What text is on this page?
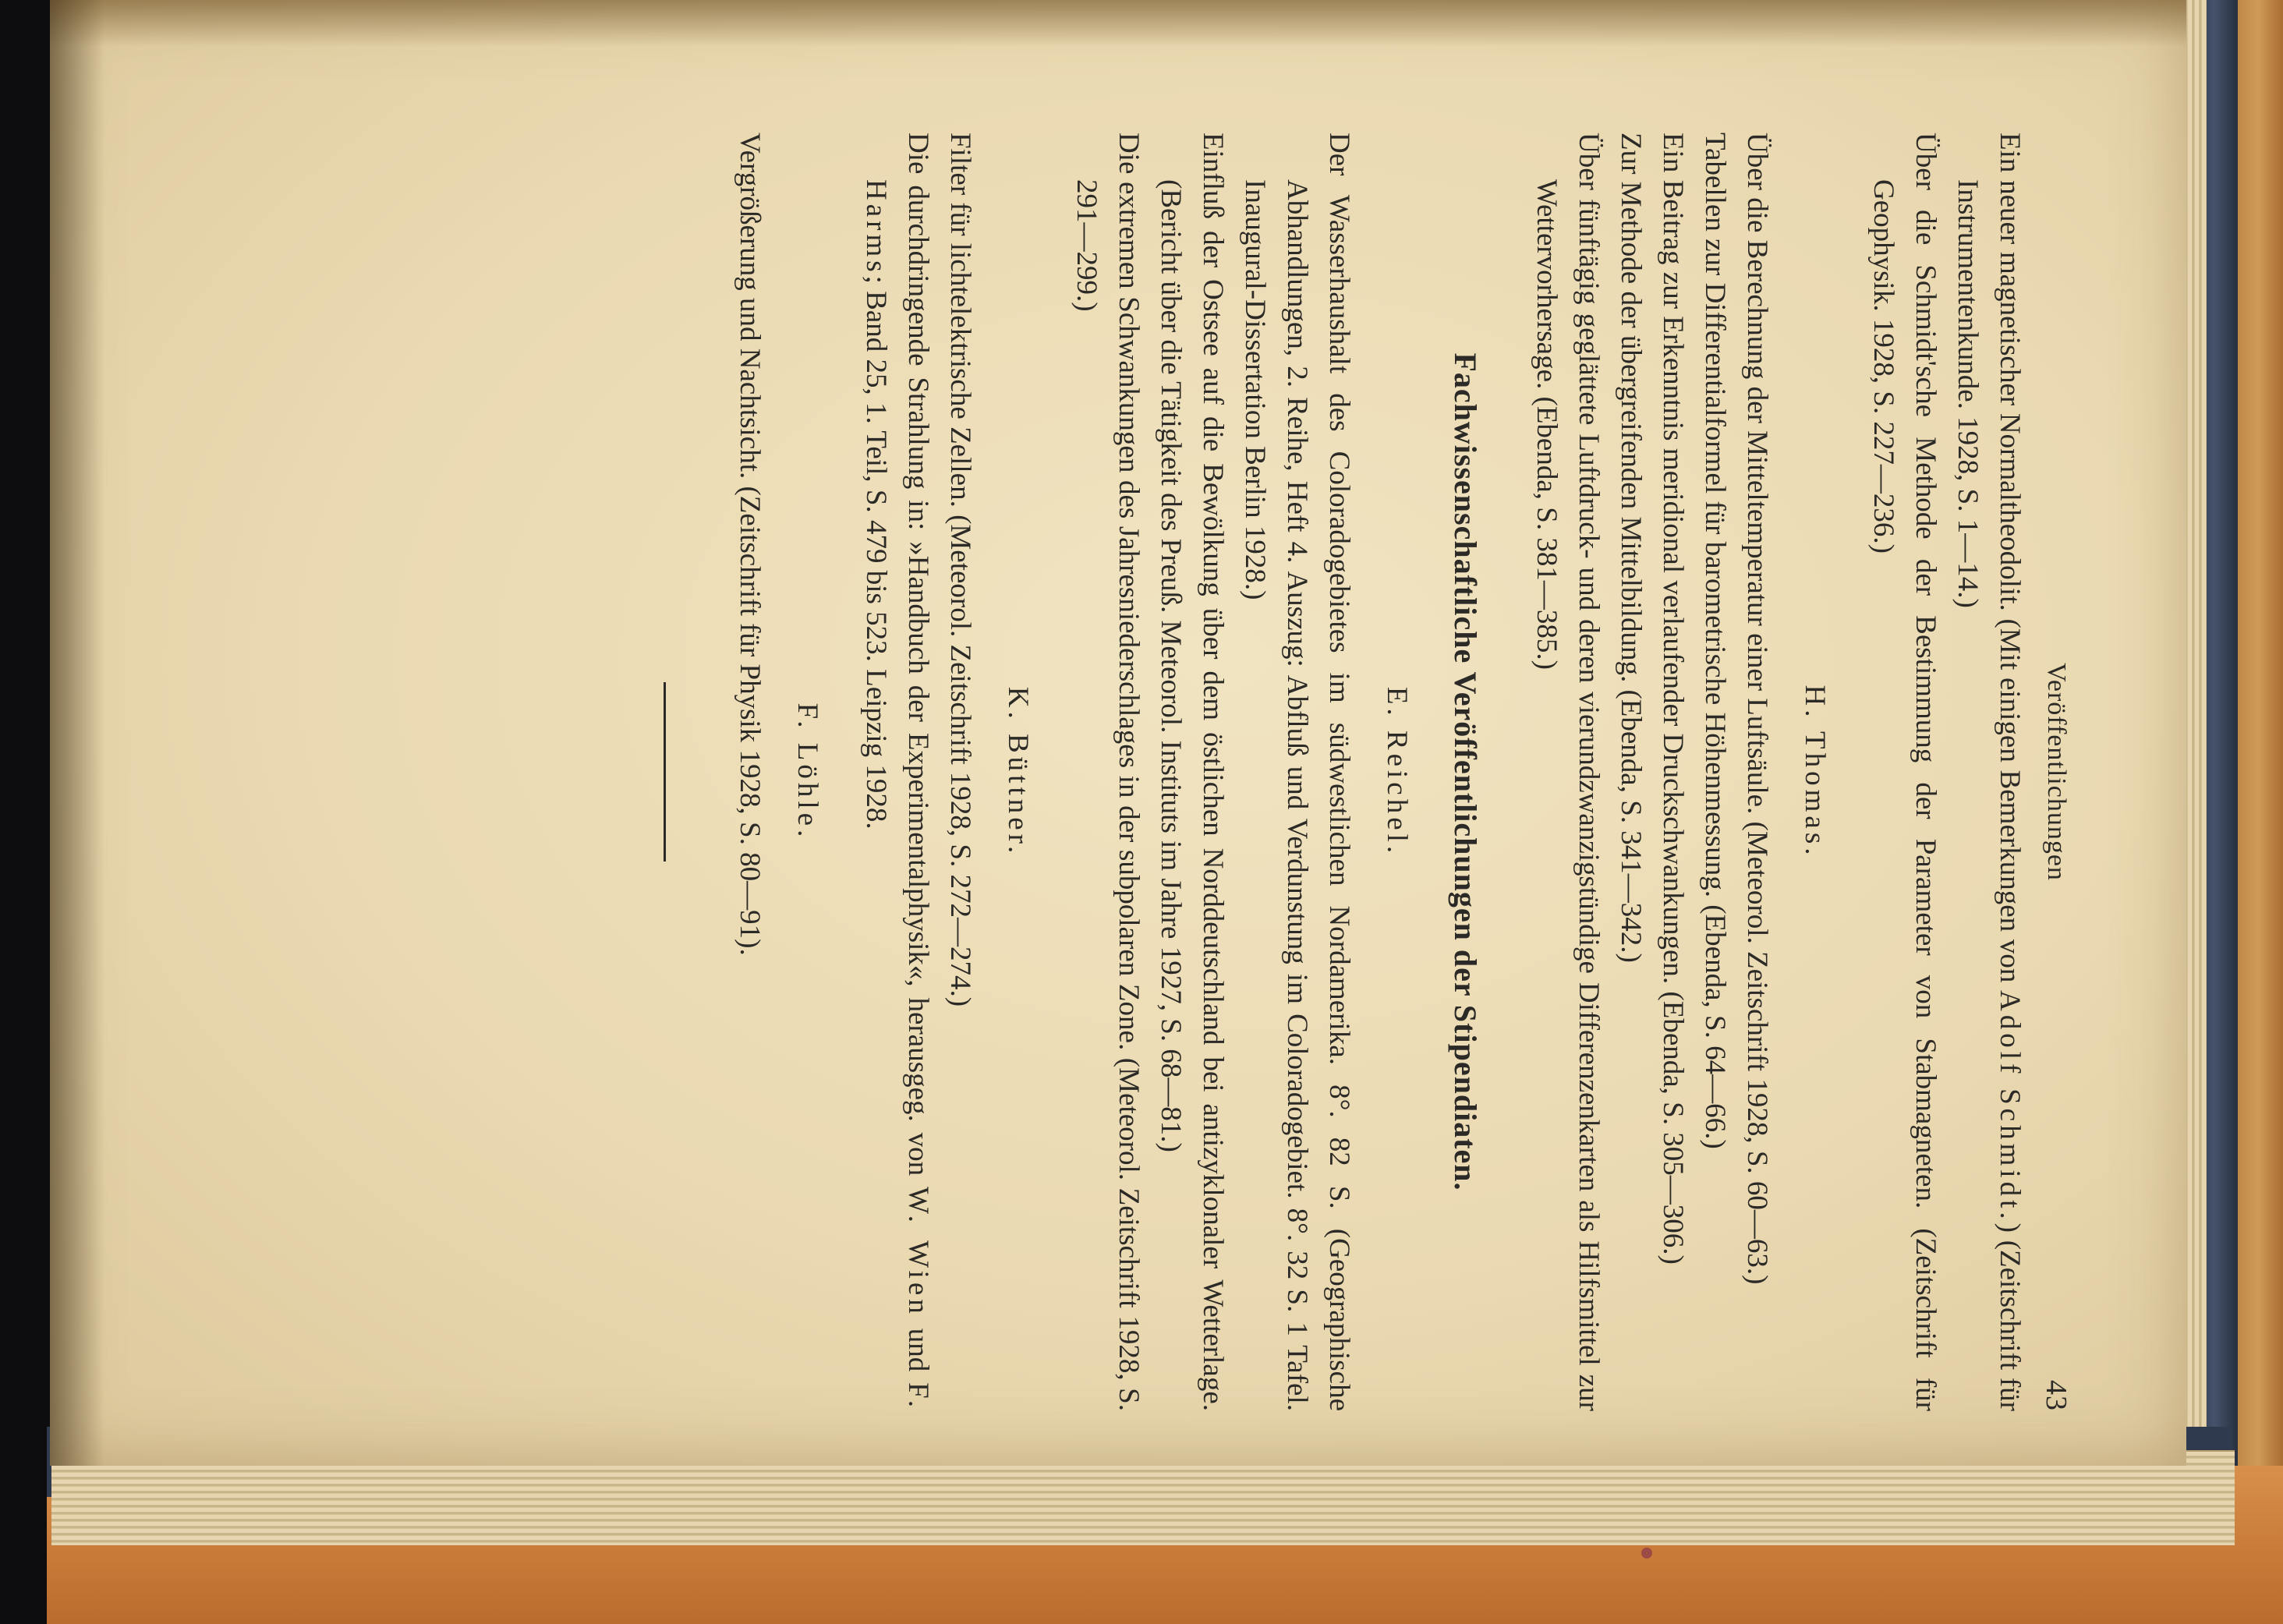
Veröffentlichungen
43

Ein neuer magnetischer Normaltheodolit. (Mit einigen Bemerkungen von Adolf Schmidt.) (Zeitschrift für Instrumentenkunde. 1928, S. 1—14.)

Über die Schmidt'sche Methode der Bestimmung der Parameter von Stabmagneten. (Zeitschrift für Geophysik. 1928, S. 227—236.)

H. Thomas.

Über die Berechnung der Mitteltemperatur einer Luftsäule. (Meteorol. Zeitschrift 1928, S. 60—63.)

Tabellen zur Differentialformel für barometrische Höhenmessung. (Ebenda, S. 64—66.)

Ein Beitrag zur Erkenntnis meridional verlaufender Druckschwankungen. (Ebenda, S. 305—306.)

Zur Methode der übergreifenden Mittelbildung. (Ebenda, S. 341—342.)

Über fünftägig geglättete Luftdruck- und deren vierundzwanzigstündige Differenzenkarten als Hilfsmittel zur Wettervorhersage. (Ebenda, S. 381—385.)

Fachwissenschaftliche Veröffentlichungen der Stipendiaten.
E. Reichel.

Der Wasserhaushalt des Coloradogebietes im südwestlichen Nordamerika. 8°. 82 S. (Geographische Abhandlungen, 2. Reihe, Heft 4. Auszug: Abfluß und Verdunstung im Coloradogebiet. 8°. 32 S. 1 Tafel. Inaugural-Dissertation Berlin 1928.)

Einfluß der Ostsee auf die Bewölkung über dem östlichen Norddeutschland bei antizyklonaler Wetterlage. (Bericht über die Tätigkeit des Preuß. Meteorol. Instituts im Jahre 1927, S. 68—81.)

Die extremen Schwankungen des Jahresniederschlages in der subpolaren Zone. (Meteorol. Zeitschrift 1928, S. 291—299.)

K. Büttner.

Filter für lichtelektrische Zellen. (Meteorol. Zeitschrift 1928, S. 272—274.)

Die durchdringende Strahlung in: »Handbuch der Experimentalphysik«, herausgeg. von W. Wien und F. Harms; Band 25, 1. Teil, S. 479 bis 523. Leipzig 1928.

F. Löhle.

Vergrößerung und Nachtsicht. (Zeitschrift für Physik 1928, S. 80—91).
